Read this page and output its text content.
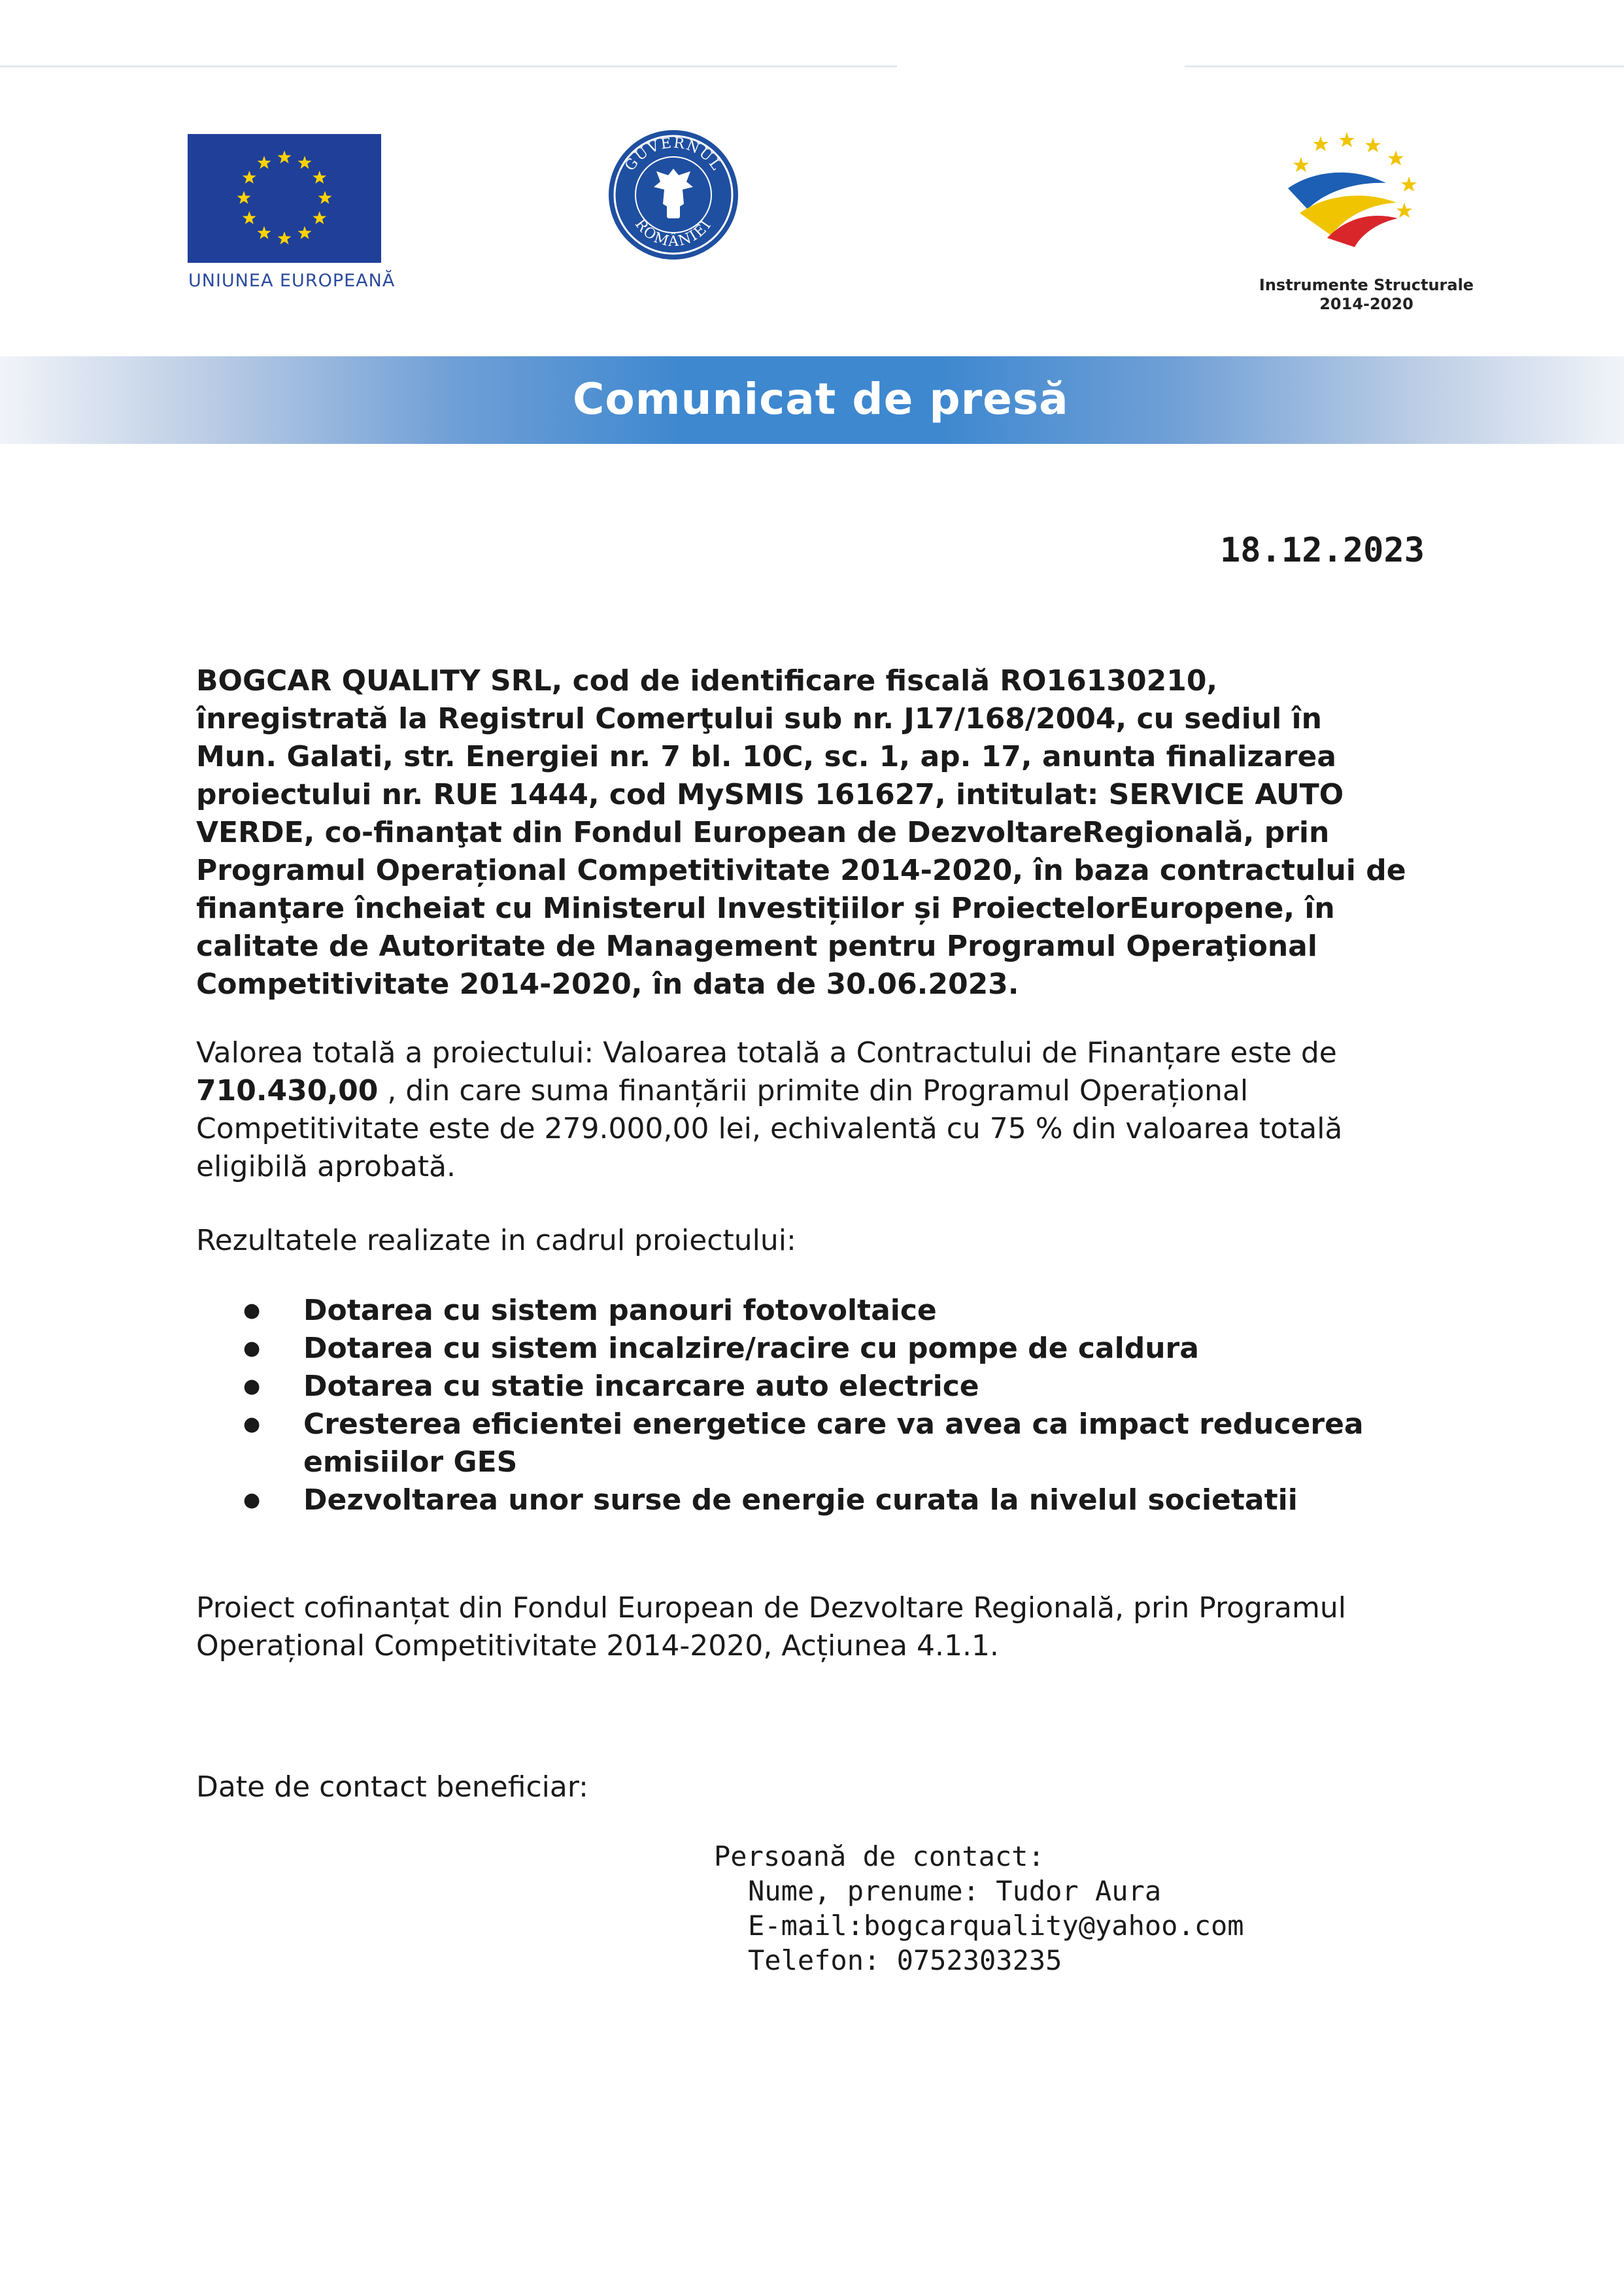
UNIUNEA EUROPEANĂ
GUVERNUL
ROMÂNIEI
Instrumente Structurale
2014-2020
Comunicat de presă
18.12.2023
BOGCAR QUALITY SRL, cod de identificare fiscală RO16130210, înregistrată la Registrul Comerţului sub nr. J17/168/2004, cu sediul în Mun. Galati, str. Energiei nr. 7 bl. 10C, sc. 1, ap. 17, anunta finalizarea proiectului nr. RUE 1444, cod MySMIS 161627, intitulat: SERVICE AUTO VERDE, co-finanţat din Fondul European de DezvoltareRegională, prin Programul Operațional Competitivitate 2014-2020, în baza contractului de finanţare încheiat cu Ministerul Investițiilor și ProiectelorEuropene, în calitate de Autoritate de Management pentru Programul Operaţional Competitivitate 2014-2020, în data de 30.06.2023.
Valorea totală a proiectului: Valoarea totală a Contractului de Finanțare este de 710.430,00 , din care suma finanțării primite din Programul Operațional Competitivitate este de 279.000,00 lei, echivalentă cu 75 % din valoarea totală eligibilă aprobată.
Rezultatele realizate in cadrul proiectului:
● Dotarea cu sistem panouri fotovoltaice
● Dotarea cu sistem incalzire/racire cu pompe de caldura
● Dotarea cu statie incarcare auto electrice
● Cresterea eficientei energetice care va avea ca impact reducerea emisiilor GES
● Dezvoltarea unor surse de energie curata la nivelul societatii
Proiect cofinanțat din Fondul European de Dezvoltare Regională, prin Programul Operațional Competitivitate 2014-2020, Acțiunea 4.1.1.
Date de contact beneficiar:
Persoană de contact:
Nume, prenume: Tudor Aura
E-mail:bogcarquality@yahoo.com
Telefon: 0752303235
